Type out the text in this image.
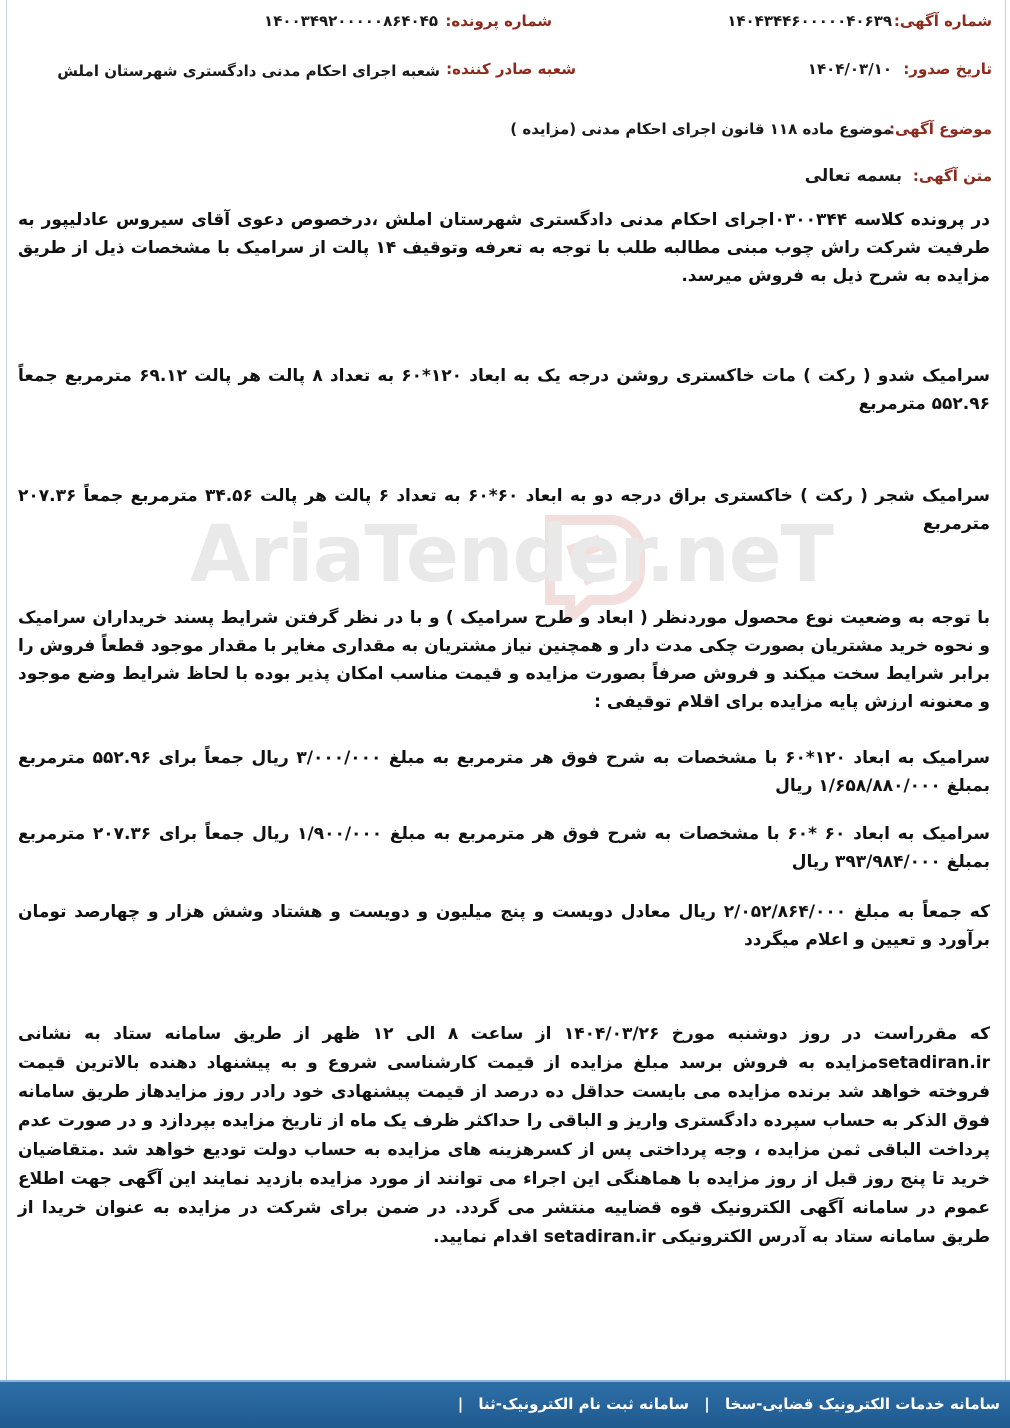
شماره آگهی:
۱۴۰۴۳۴۴۶۰۰۰۰۰۴۰۶۳۹
شماره پرونده:
۱۴۰۰۳۴۹۲۰۰۰۰۰۸۶۴۰۴۵
تاریخ صدور:
۱۴۰۴/۰۳/۱۰
شعبه صادر کننده:
شعبه اجرای احکام مدنی دادگستری شهرستان املش
موضوع آگهی:
موضوع ماده ۱۱۸ قانون اجرای احکام مدنی (مزایده )
متن آگهی:
بسمه تعالی
در پرونده کلاسه ۰۳۰۰۳۴۴اجرای احکام مدنی دادگستری شهرستان املش ،درخصوص دعوی آقای سیروس عادلیپور به طرفیت شرکت راش چوب مبنی مطالبه طلب با توجه به تعرفه وتوقیف ۱۴ پالت از سرامیک با مشخصات ذیل از طریق مزایده به شرح ذیل به فروش میرسد.
سرامیک شدو ( رکت ) مات خاکستری روشن درجه یک به ابعاد ۱۲۰*۶۰ به تعداد ۸ پالت هر پالت ۶۹.۱۲ مترمربع جمعاً ۵۵۲.۹۶ مترمربع
سرامیک شجر ( رکت ) خاکستری براق درجه دو به ابعاد ۶۰*۶۰ به تعداد ۶ پالت هر پالت ۳۴.۵۶ مترمربع جمعاً ۲۰۷.۳۶ مترمربع
با توجه به وضعیت نوع محصول موردنظر ( ابعاد و طرح سرامیک ) و با در نظر گرفتن شرایط پسند خریداران سرامیک و نحوه خرید مشتریان بصورت چکی مدت دار و همچنین نیاز مشتریان به مقداری مغایر با مقدار موجود قطعاً فروش را برابر شرایط سخت میکند و فروش صرفاً بصورت مزایده و قیمت مناسب امکان پذیر بوده با لحاظ شرایط وضع موجود و معنونه ارزش پایه مزایده برای اقلام توقیفی :
سرامیک به ابعاد ۱۲۰*۶۰ با مشخصات به شرح فوق هر مترمربع به مبلغ ۳/۰۰۰/۰۰۰ ریال جمعاً برای ۵۵۲.۹۶ مترمربع بمبلغ ۱/۶۵۸/۸۸۰/۰۰۰ ریال
سرامیک به ابعاد ۶۰ *۶۰ با مشخصات به شرح فوق هر مترمربع به مبلغ ۱/۹۰۰/۰۰۰ ریال جمعاً برای ۲۰۷.۳۶ مترمربع بمبلغ ۳۹۳/۹۸۴/۰۰۰ ریال
که جمعاً به مبلغ ۲/۰۵۲/۸۶۴/۰۰۰ ریال معادل دویست و پنج میلیون و دویست و هشتاد وشش هزار و چهارصد تومان برآورد و تعیین و اعلام میگردد
که مقرراست در روز دوشنبه مورخ ۱۴۰۴/۰۳/۲۶ از ساعت ۸ الی ۱۲ ظهر از طریق سامانه ستاد به نشانی setadiran.irمزایده به فروش برسد مبلغ مزایده از قیمت کارشناسی شروع و به پیشنهاد دهنده بالاترین قیمت فروخته خواهد شد برنده مزایده می بایست حداقل ده درصد از قیمت پیشنهادی خود رادر روز مزایدهاز طریق سامانه فوق الذکر به حساب سپرده دادگستری واریز و الباقی را حداکثر ظرف یک ماه از تاریخ مزایده بپردازد و در صورت عدم پرداخت الباقی ثمن مزایده ، وجه پرداختی پس از کسرهزینه های مزایده به حساب دولت تودیع خواهد شد .متقاضیان خرید تا پنج روز قبل از روز مزایده با هماهنگی این اجراء می توانند از مورد مزایده بازدید نمایند این آگهی جهت اطلاع عموم در سامانه آگهی الکترونیک قوه قضاییه منتشر می گردد. در ضمن برای شرکت در مزایده به عنوان خریدا از طریق سامانه ستاد به آدرس الکترونیکی setadiran.ir اقدام نمایید.
سامانه خدمات الکترونیک قضایی-سخا | سامانه ثبت نام الکترونیک-ثنا |
